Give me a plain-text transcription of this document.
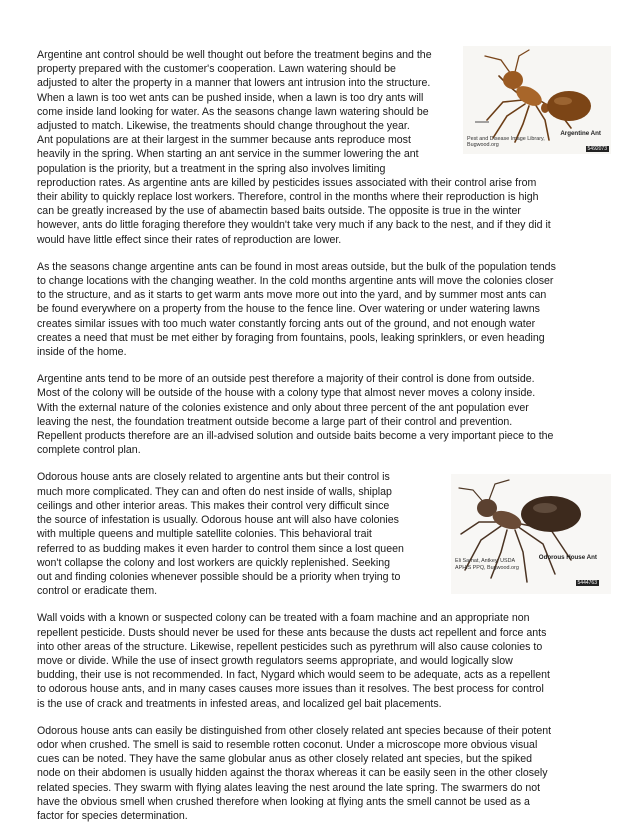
Argentine ant control should be well thought out before the treatment begins and the

property prepared with the customer's cooperation. Lawn watering should be

adjusted to alter the property in a manner that lowers ant intrusion into the structure.

When a lawn is too wet ants can be pushed inside, when a lawn is too dry ants will

come inside land looking for water. As the seasons change lawn watering should be

adjusted to match. Likewise, the treatments should change throughout the year.

Ant populations are at their largest in the summer because ants reproduce most

heavily in the spring. When starting an ant service in the summer lowering the ant

population is the priority, but a treatment in the spring also involves limiting

Argentine Ant
Pest and Disease Image Library,
Bugwood.org
5492073

reproduction rates. As argentine ants are killed by pesticides issues associated with their control arise from

their ability to quickly replace lost workers. Therefore, control in the months where their reproduction is high

can be greatly increased by the use of abamectin based baits outside. The opposite is true in the winter

however, ants do little foraging therefore they wouldn't take very much if any back to the nest, and if they did it

would have little effect since their rates of reproduction are lower.

As the seasons change argentine ants can be found in most areas outside, but the bulk of the population tends

to change locations with the changing weather. In the cold months argentine ants will move the colonies closer

to the structure, and as it starts to get warm ants move more out into the yard, and by summer most ants can

be found everywhere on a property from the house to the fence line. Over watering or under watering lawns

creates similar issues with too much water constantly forcing ants out of the ground, and not enough water

creates a need that must be met either by foraging from fountains, pools, leaking sprinklers, or even heading

inside of the home.

Argentine ants tend to be more of an outside pest therefore a majority of their control is done from outside.

Most of the colony will be outside of the house with a colony type that almost never moves a colony inside.

With the external nature of the colonies existence and only about three percent of the ant population ever

leaving the nest, the foundation treatment outside become a large part of their control and prevention.

Repellent products therefore are an ill-advised solution and outside baits become a very important piece to the

complete control plan.

Odorous house ants are closely related to argentine ants but their control is

much more complicated. They can and often do nest inside of walls, shiplap

ceilings and other interior areas. This makes their control very difficult since

the source of infestation is usually. Odorous house ant will also have colonies

with multiple queens and multiple satellite colonies. This behavioral trait

referred to as budding makes it even harder to control them since a lost queen

won't collapse the colony and lost workers are quickly replenished. Seeking

out and finding colonies whenever possible should be a priority when trying to

control or eradicate them.

Odorous House Ant
Eli Sarnat, Antkey, USDA
APHIS PPQ, Bugwood.org
5444763

Wall voids with a known or suspected colony can be treated with a foam machine and an appropriate non

repellent pesticide. Dusts should never be used for these ants because the dusts act repellent and force ants

into other areas of the structure. Likewise, repellent pesticides such as pyrethrum will also cause colonies to

move or divide. While the use of insect growth regulators seems appropriate, and would logically slow

budding, their use is not recommended. In fact, Nygard which would seem to be adequate, acts as a repellent

to odorous house ants, and in many cases causes more issues than it resolves. The best process for control

is the use of crack and treatments in infested areas, and localized gel bait placements.

Odorous house ants can easily be distinguished from other closely related ant species because of their potent

odor when crushed. The smell is said to resemble rotten coconut. Under a microscope more obvious visual

cues can be noted. They have the same globular anus as other closely related ant species, but the spiked

node on their abdomen is usually hidden against the thorax whereas it can be easily seen in the other closely

related species. They swarm with flying alates leaving the nest around the late spring. The swarmers do not

have the obvious smell when crushed therefore when looking at flying ants the smell cannot be used as a

factor for species determination.
